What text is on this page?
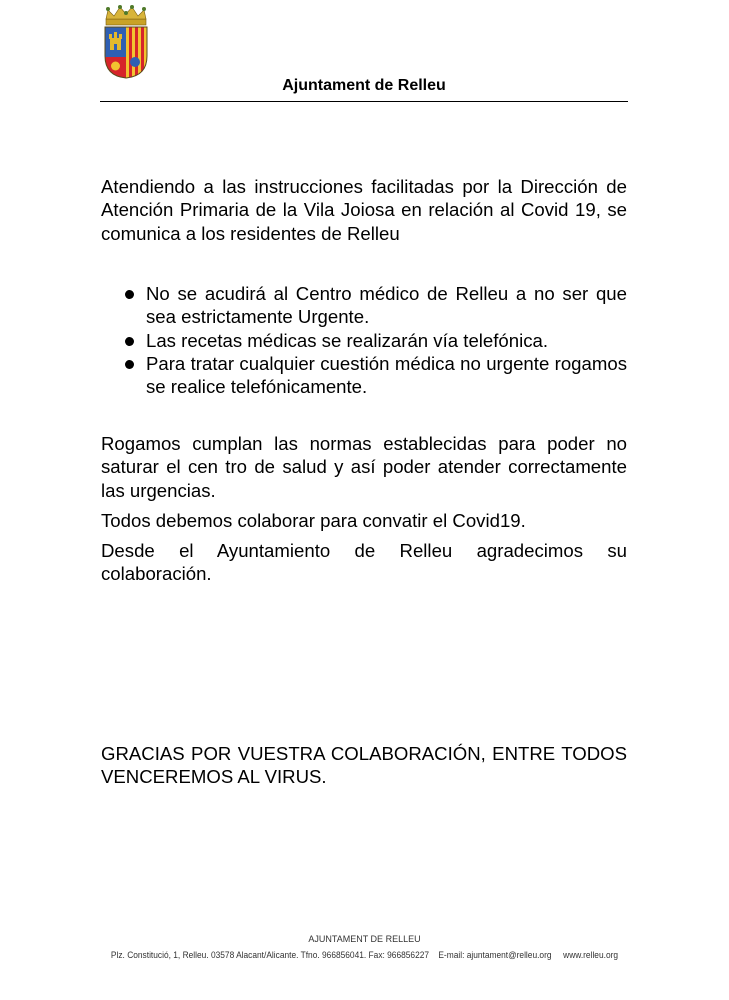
Ajuntament de Relleu

Atendiendo a las instrucciones facilitadas por la Dirección de Atención Primaria de la Vila Joiosa en relación al Covid 19, se comunica a los residentes de Relleu

No se acudirá al Centro médico de Relleu a no ser que sea estrictamente Urgente.
Las recetas médicas se realizarán vía telefónica.
Para tratar cualquier cuestión médica no urgente rogamos se realice telefónicamente.

Rogamos cumplan las normas establecidas para poder no saturar el cen tro de salud y así poder atender correctamente las urgencias.

Todos debemos colaborar para convatir el Covid19.

Desde el Ayuntamiento de Relleu agradecimos su colaboración.

GRACIAS POR VUESTRA COLABORACIÓN, ENTRE TODOS VENCEREMOS AL VIRUS.

AJUNTAMENT DE RELLEU
Plz. Constitució, 1, Relleu. 03578 Alacant/Alicante. Tfno. 966856041. Fax: 966856227    E-mail: ajuntament@relleu.org     www.relleu.org
